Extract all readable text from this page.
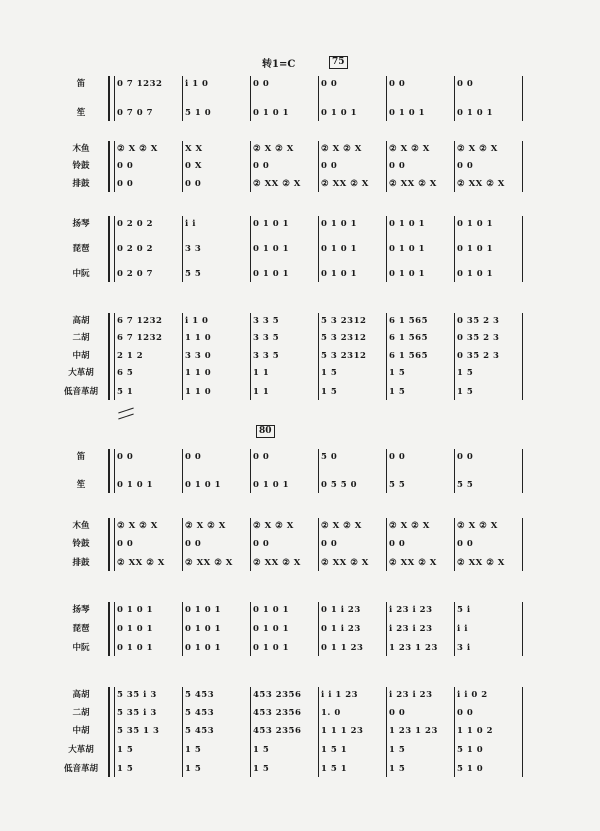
转1=C	75
80
笛	0 7 1232	i 1 0	0 0	0 0	0 0	0 0
笙	0 7 0 7	5 1 0	0 1 0 1	0 1 0 1	0 1 0 1	0 1 0 1
木鱼	② X ② X	X X	② X ② X	② X ② X	② X ② X	② X ② X
铃鼓	0 0	0 X	0 0	0 0	0 0	0 0
排鼓	0 0	0 0	② XX ② X	② XX ② X	② XX ② X	② XX ② X
扬琴	0 2 0 2	i i	0 1 0 1	0 1 0 1	0 1 0 1	0 1 0 1
琵琶	0 2 0 2	3 3	0 1 0 1	0 1 0 1	0 1 0 1	0 1 0 1
中阮	0 2 0 7	5 5	0 1 0 1	0 1 0 1	0 1 0 1	0 1 0 1
高胡	6 7 1232	i 1 0	3 3 5	5 3 2312	6 1 565	0 35 2 3
二胡	6 7 1232	1 1 0	3 3 5	5 3 2312	6 1 565	0 35 2 3
中胡	2 1 2	3 3 0	3 3 5	5 3 2312	6 1 565	0 35 2 3
大革胡	6 5	1 1 0	1 1	1 5	1 5	1 5
低音革胡	5 1	1 1 0	1 1	1 5	1 5	1 5
笛	0 0	0 0	0 0	5 0	0 0	0 0
笙	0 1 0 1	0 1 0 1	0 1 0 1	0 5 5 0	5 5	5 5
木鱼	② X ② X	② X ② X	② X ② X	② X ② X	② X ② X	② X ② X
铃鼓	0 0	0 0	0 0	0 0	0 0	0 0
排鼓	② XX ② X	② XX ② X	② XX ② X	② XX ② X	② XX ② X	② XX ② X
扬琴	0 1 0 1	0 1 0 1	0 1 0 1	0 1 i 23	i 23 i 23	5 i
琵琶	0 1 0 1	0 1 0 1	0 1 0 1	0 1 i 23	i 23 i 23	i i
中阮	0 1 0 1	0 1 0 1	0 1 0 1	0 1 1 23	1 23 1 23	3 i
高胡	5 35 i 3	5 453	453 2356	i i 1 23	i 23 i 23	i i 0 2
二胡	5 35 i 3	5 453	453 2356	1. 0	0 0	0 0
中胡	5 35 1 3	5 453	453 2356	1 1 1 23	1 23 1 23	1 1 0 2
大革胡	1 5	1 5	1 5	1 5 1	1 5	5 1 0
低音革胡	1 5	1 5	1 5	1 5 1	1 5	5 1 0
